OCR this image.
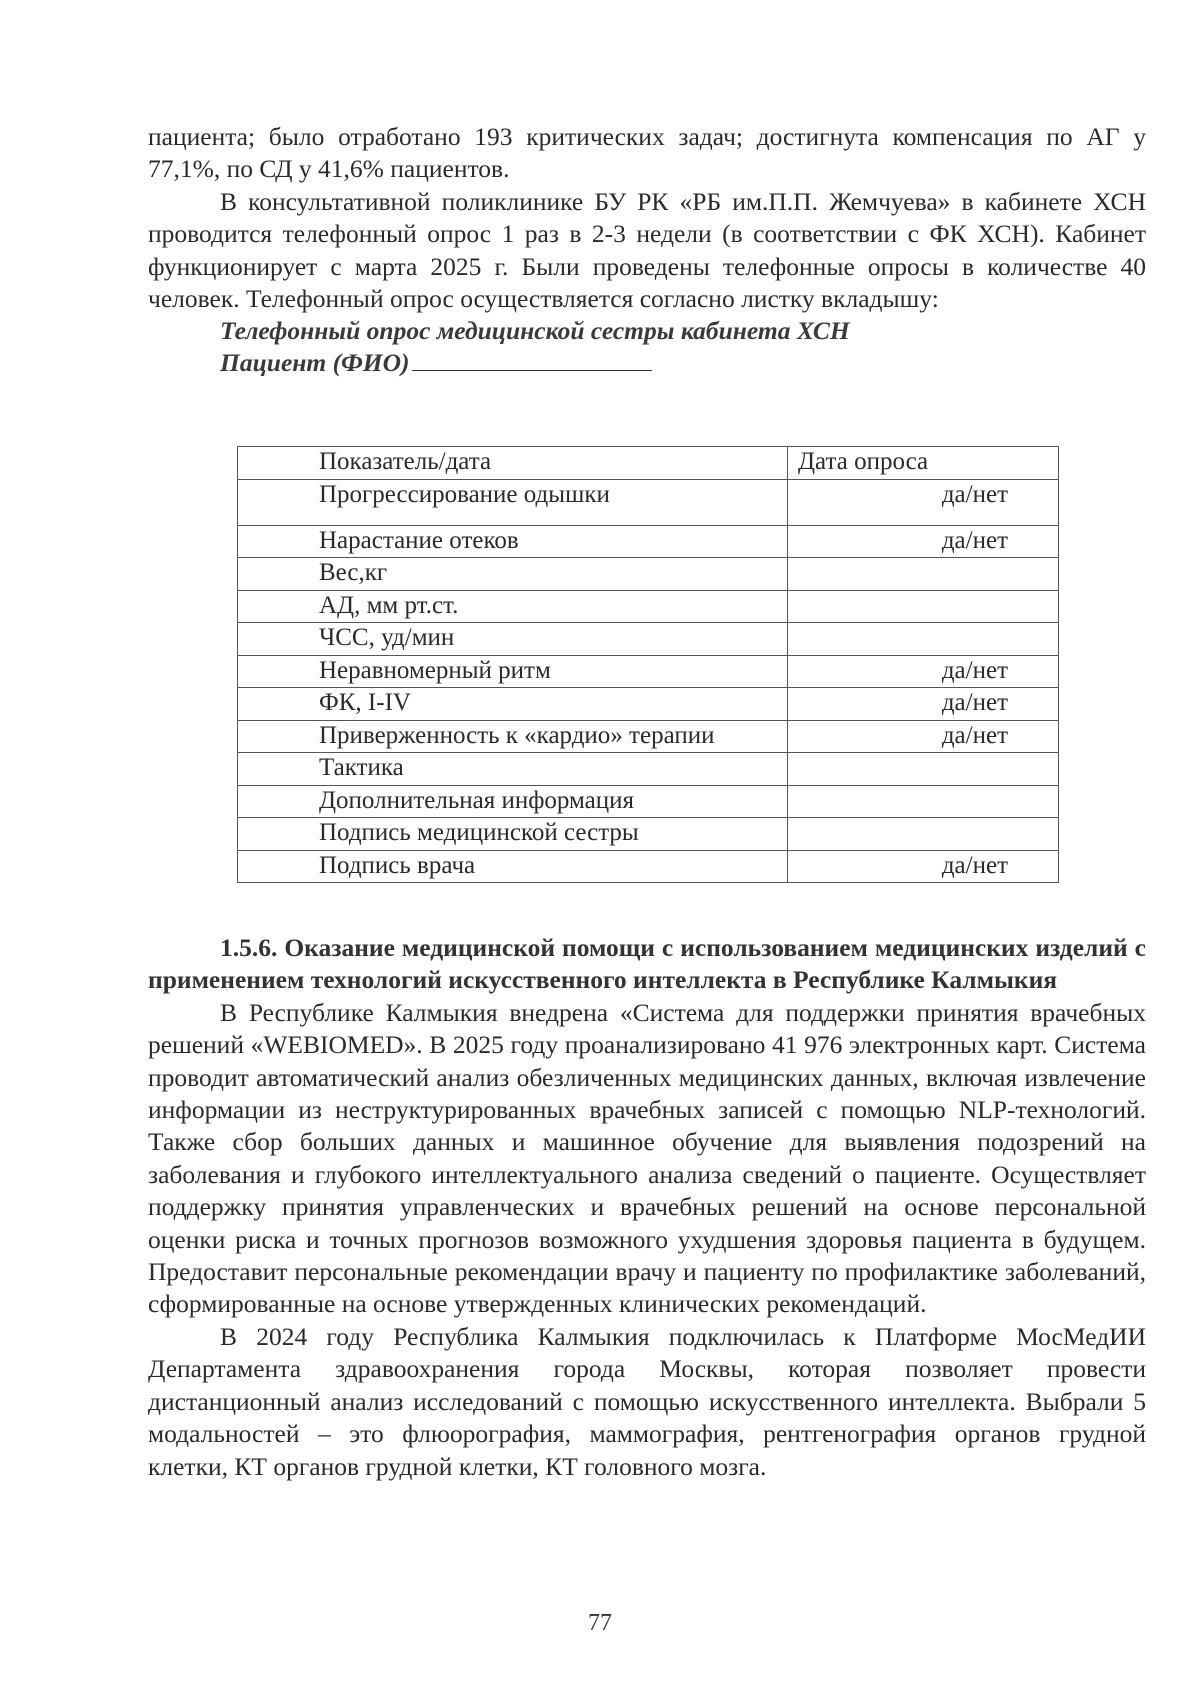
пациента; было отработано 193 критических задач; достигнута компенсация по АГ у 77,1%, по СД у 41,6% пациентов.

В консультативной поликлинике БУ РК «РБ им.П.П. Жемчуева» в кабинете ХСН проводится телефонный опрос 1 раз в 2-3 недели (в соответствии с ФК ХСН). Кабинет функционирует с марта 2025 г. Были проведены телефонные опросы в количестве 40 человек. Телефонный опрос осуществляется согласно листку вкладышу:

Телефонный опрос медицинской сестры кабинета ХСН
Пациент (ФИО)
Показатель/дата	Дата опроса
Прогрессирование одышки	да/нет
Нарастание отеков	да/нет
Вес,кг	
АД, мм рт.ст.	
ЧСС, уд/мин	
Неравномерный ритм	да/нет
ФК, I-IV	да/нет
Приверженность к «кардио» терапии	да/нет
Тактика	
Дополнительная информация	
Подпись медицинской сестры	
Подпись врача	да/нет
1.5.6. Оказание медицинской помощи с использованием медицинских изделий с применением технологий искусственного интеллекта в Республике Калмыкия

В Республике Калмыкия внедрена «Система для поддержки принятия врачебных решений «WEBIOMED». В 2025 году проанализировано 41 976 электронных карт. Система проводит автоматический анализ обезличенных медицинских данных, включая извлечение информации из неструктурированных врачебных записей с помощью NLP-технологий. Также сбор больших данных и машинное обучение для выявления подозрений на заболевания и глубокого интеллектуального анализа сведений о пациенте. Осуществляет поддержку принятия управленческих и врачебных решений на основе персональной оценки риска и точных прогнозов возможного ухудшения здоровья пациента в будущем. Предоставит персональные рекомендации врачу и пациенту по профилактике заболеваний, сформированные на основе утвержденных клинических рекомендаций.

В 2024 году Республика Калмыкия подключилась к Платформе МосМедИИ Департамента здравоохранения города Москвы, которая позволяет провести дистанционный анализ исследований с помощью искусственного интеллекта. Выбрали 5 модальностей – это флюорография, маммография, рентгенография органов грудной клетки, КТ органов грудной клетки, КТ головного мозга.

77
